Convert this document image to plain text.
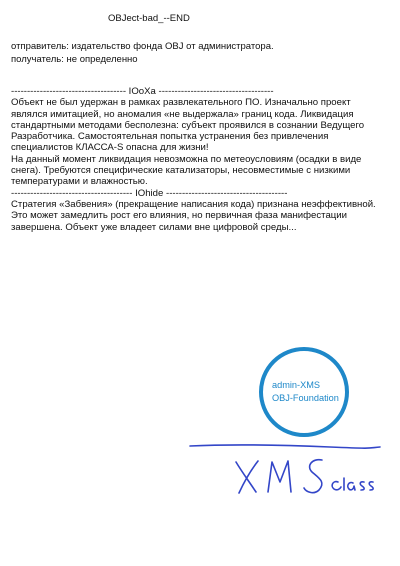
OBJect-bad_--END
отправитель: издательство фонда OBJ от администратора.
получатель: не определенно
------------------------------------ IOoXa ------------------------------------
Объект не был удержан в рамках развлекательного ПО. Изначально проект
являлся имитацией, но аномалия «не выдержала» границ кода. Ликвидация
стандартными методами бесполезна: субъект проявился в сознании Ведущего
Разработчика. Самостоятельная попытка устранения без привлечения
специалистов КЛАССА-S опасна для жизни!
На данный момент ликвидация невозможна по метеоусловиям (осадки в виде
снега). Требуются специфические катализаторы, несовместимые с низкими
температурами и влажностью.
-------------------------------------- IOhide --------------------------------------
Стратегия «Забвения» (прекращение написания кода) признана неэффективной.
Это может замедлить рост его влияния, но первичная фаза манифестации
завершена. Объект уже владеет силами вне цифровой среды...
admin-XMS
OBJ-Foundation
